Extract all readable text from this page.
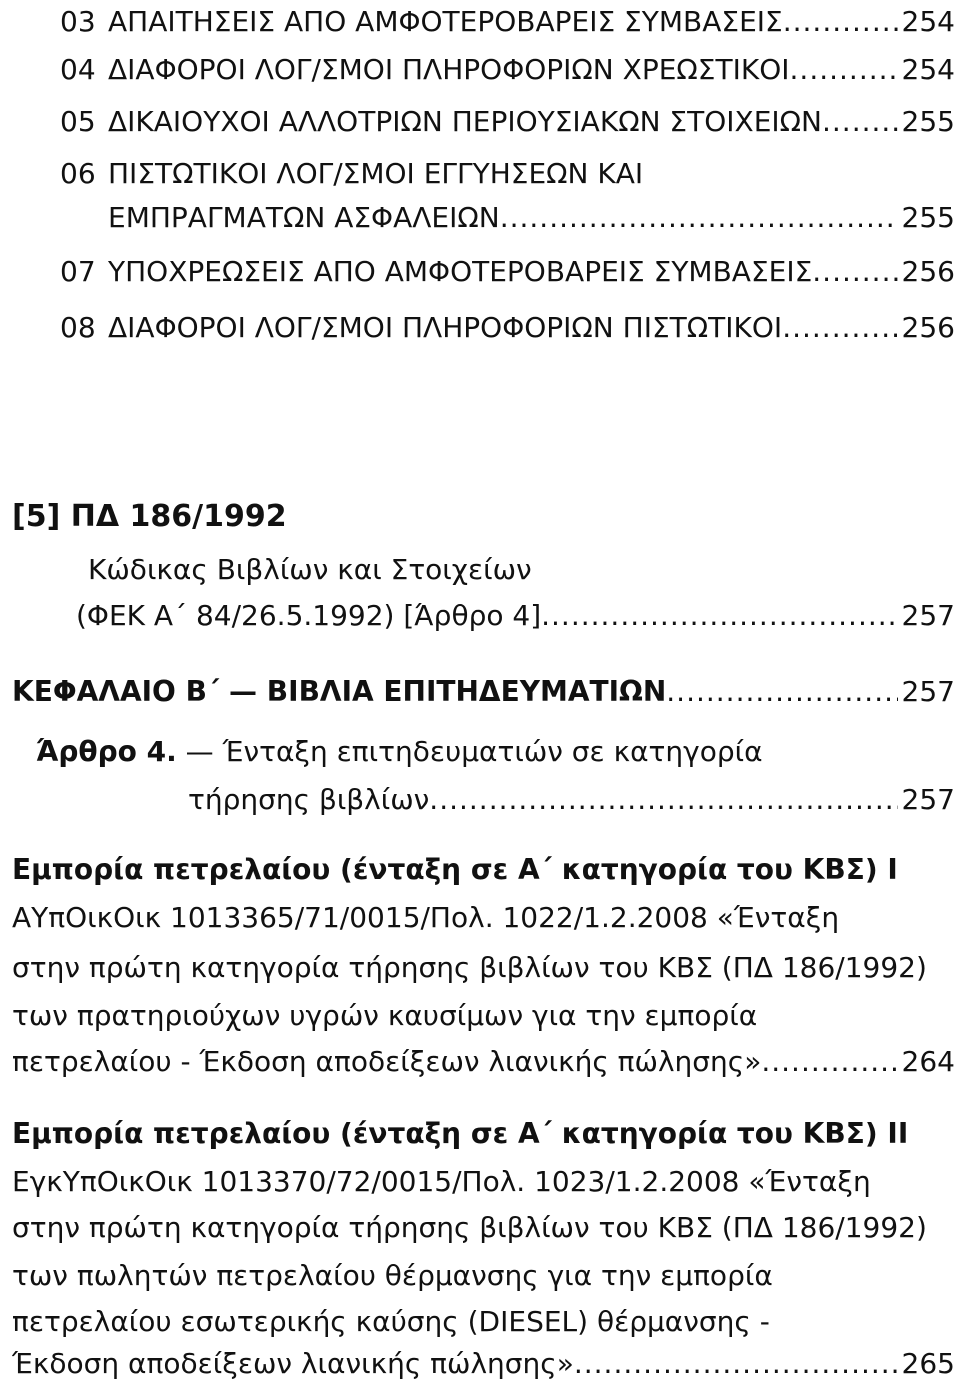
03 ΑΠΑΙΤΗΣΕΙΣ ΑΠΟ ΑΜΦΟΤΕΡΟΒΑΡΕΙΣ ΣΥΜΒΑΣΕΙΣ .....	254
04 ΔΙΑΦΟΡΟΙ ΛΟΓ/ΣΜΟΙ ΠΛΗΡΟΦΟΡΙΩΝ ΧΡΕΩΣΤΙΚΟΙ .....	254
05 ΔΙΚΑΙΟΥΧΟΙ ΑΛΛΟΤΡΙΩΝ ΠΕΡΙΟΥΣΙΑΚΩΝ ΣΤΟΙΧΕΙΩΝ .....	255
06 ΠΙΣΤΩΤΙΚΟΙ ΛΟΓ/ΣΜΟΙ ΕΓΓΥΗΣΕΩΝ ΚΑΙ
ΕΜΠΡΑΓΜΑΤΩΝ ΑΣΦΑΛΕΙΩΝ .....	255
07 ΥΠΟΧΡΕΩΣΕΙΣ ΑΠΟ ΑΜΦΟΤΕΡΟΒΑΡΕΙΣ ΣΥΜΒΑΣΕΙΣ .....	256
08 ΔΙΑΦΟΡΟΙ ΛΟΓ/ΣΜΟΙ ΠΛΗΡΟΦΟΡΙΩΝ ΠΙΣΤΩΤΙΚΟΙ .....	256
[5] ΠΔ 186/1992
Κώδικας Βιβλίων και Στοιχείων
(ΦΕΚ Α΄ 84/26.5.1992) [Άρθρο 4] .....	257
ΚΕΦΑΛΑΙΟ Β΄ — ΒΙΒΛΙΑ ΕΠΙΤΗΔΕΥΜΑΤΙΩΝ .....	257
Άρθρο 4. — Ένταξη επιτηδευματιών σε κατηγορία
τήρησης βιβλίων .....	257
Εμπορία πετρελαίου (ένταξη σε Α΄ κατηγορία του ΚΒΣ) Ι
ΑΥπΟικΟικ 1013365/71/0015/Πολ. 1022/1.2.2008 «Ένταξη
στην πρώτη κατηγορία τήρησης βιβλίων του ΚΒΣ (ΠΔ 186/1992)
των πρατηριούχων υγρών καυσίμων για την εμπορία
πετρελαίου - Έκδοση αποδείξεων λιανικής πώλησης» .....	264
Εμπορία πετρελαίου (ένταξη σε Α΄ κατηγορία του ΚΒΣ) ΙΙ
ΕγκΥπΟικΟικ 1013370/72/0015/Πολ. 1023/1.2.2008 «Ένταξη
στην πρώτη κατηγορία τήρησης βιβλίων του ΚΒΣ (ΠΔ 186/1992)
των πωλητών πετρελαίου θέρμανσης για την εμπορία
πετρελαίου εσωτερικής καύσης (DIESEL) θέρμανσης -
Έκδοση αποδείξεων λιανικής πώλησης» .....	265
